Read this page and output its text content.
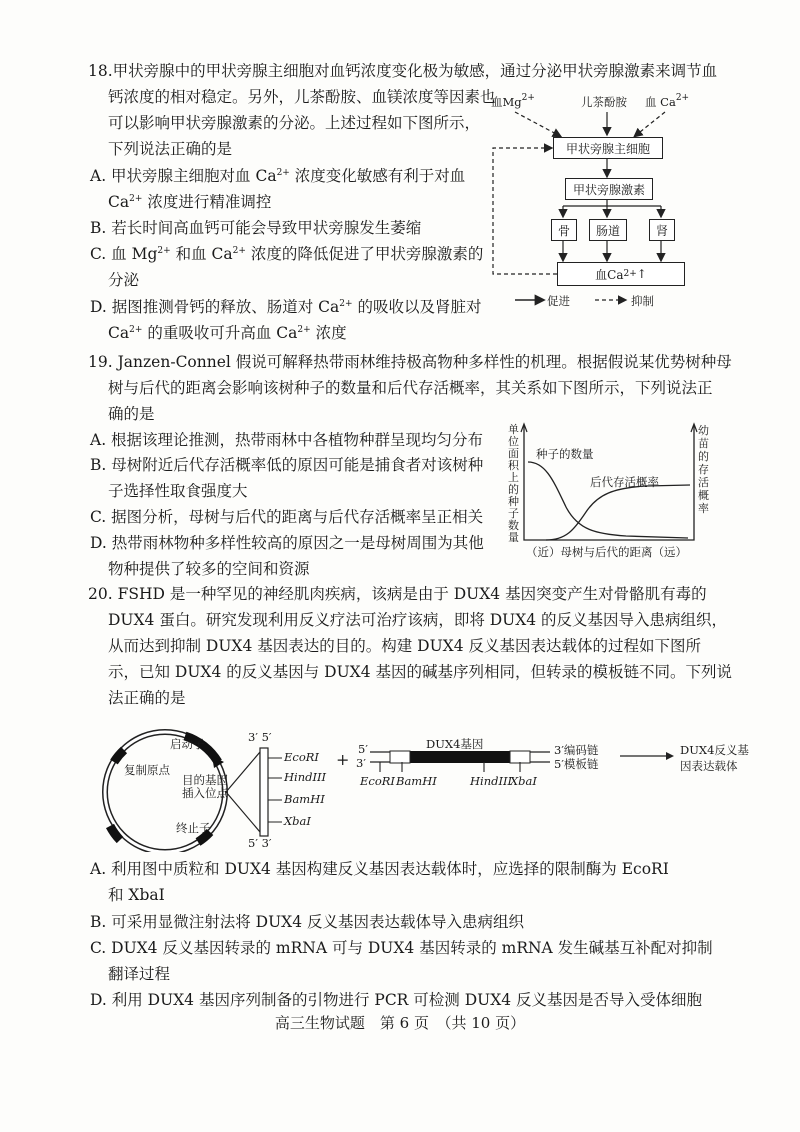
18.甲状旁腺中的甲状旁腺主细胞对血钙浓度变化极为敏感，通过分泌甲状旁腺激素来调节血
钙浓度的相对稳定。另外，儿茶酚胺、血镁浓度等因素也
可以影响甲状旁腺激素的分泌。上述过程如下图所示，
下列说法正确的是
A. 甲状旁腺主细胞对血 $Ca^{2+}$ 浓度变化敏感有利于对血
$Ca^{2+}$ 浓度进行精准调控
B. 若长时间高血钙可能会导致甲状旁腺发生萎缩
C. 血 $Mg^{2+}$ 和血 $Ca^{2+}$ 浓度的降低促进了甲状旁腺激素的
分泌
D. 据图推测骨钙的释放、肠道对 $Ca^{2+}$ 的吸收以及肾脏对
$Ca^{2+}$ 的重吸收可升高血 $Ca^{2+}$ 浓度
血$Mg^{2+}$	儿茶酚胺 血 $Ca^{2+}$
甲状旁腺主细胞
甲状旁腺激素
骨	肠道	肾
血Ca 2+ ↑
促进	抑制
19. Janzen-Connel 假说可解释热带雨林维持极高物种多样性的机理。根据假说某优势树种母
树与后代的距离会影响该树种子的数量和后代存活概率，其关系如下图所示，下列说法正
确的是
A. 根据该理论推测，热带雨林中各植物种群呈现均匀分布
B. 母树附近后代存活概率低的原因可能是捕食者对该树种
子选择性取食强度大
C. 据图分析，母树与后代的距离与后代存活概率呈正相关
D. 热带雨林物种多样性较高的原因之一是母树周围为其他
物种提供了较多的空间和资源
单位面积上的种子数量
幼苗的存活概率
种子的数量
后代存活概率
（近）母树与后代的距离（远）
20. FSHD 是一种罕见的神经肌肉疾病，该病是由于 DUX4 基因突变产生对骨骼肌有毒的
DUX4 蛋白。研究发现利用反义疗法可治疗该病，即将 DUX4 的反义基因导入患病组织，
从而达到抑制 DUX4 基因表达的目的。构建 DUX4 反义基因表达载体的过程如下图所
示，已知 DUX4 的反义基因与 DUX4 基因的碱基序列相同，但转录的模板链不同。下列说
法正确的是
复制原点
启动子
目的基因
插入位点
终止子
3′ 5′
5′ 3′
EcoRI
HindIII
BamHI
XbaI
+
DUX4基因
5′
3′
3′编码链
5′模板链
DUX4反义基
因表达载体
EcoRI BamHI	HindIII
XbaI
A. 利用图中质粒和 DUX4 基因构建反义基因表达载体时，应选择的限制酶为 EcoRI
和 XbaI
B. 可采用显微注射法将 DUX4 反义基因表达载体导入患病组织
C. DUX4 反义基因转录的 mRNA 可与 DUX4 基因转录的 mRNA 发生碱基互补配对抑制
翻译过程
D. 利用 DUX4 基因序列制备的引物进行 PCR 可检测 DUX4 反义基因是否导入受体细胞
高三生物试题　第 6 页　（共 10 页）
